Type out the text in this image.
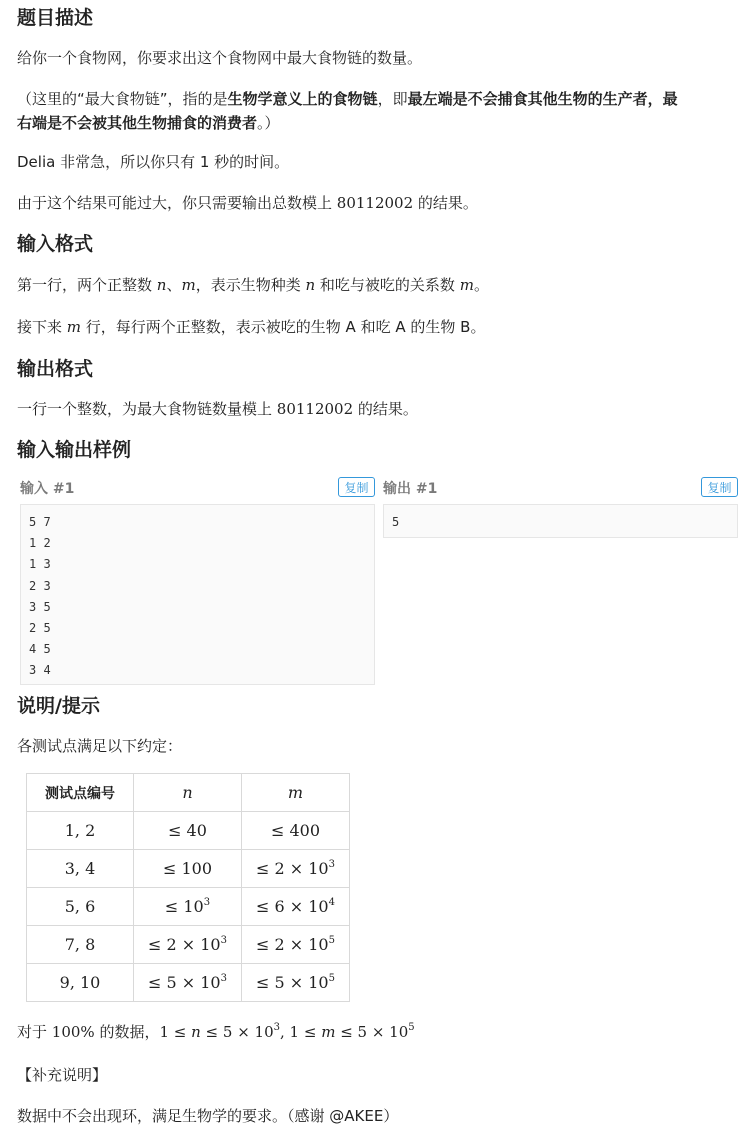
题目描述

给你一个食物网，你要求出这个食物网中最大食物链的数量。

（这里的“最大食物链”，指的是生物学意义上的食物链，即最左端是不会捕食其他生物的生产者，最

右端是不会被其他生物捕食的消费者。）

Delia 非常急，所以你只有 1 秒的时间。

由于这个结果可能过大，你只需要输出总数模上 80112002 的结果。

输入格式

第一行，两个正整数 n、m，表示生物种类 n 和吃与被吃的关系数 m。

接下来 m 行，每行两个正整数，表示被吃的生物 A 和吃 A 的生物 B。

输出格式

一行一个整数，为最大食物链数量模上 80112002 的结果。

输入输出样例
输入 #1	复制	输出 #1	复制
5 7
1 2
1 3
2 3
3 5
2 5
4 5
3 4
5
说明/提示

各测试点满足以下约定：

测试点编号	n	m
1, 2	≤ 40	≤ 400
3, 4	≤ 100	≤ $2 \times 10^3$
5, 6	≤ $10^3$	≤ $6 \times 10^4$
7, 8	≤ $2 \times 10^3$	≤ $2 \times 10^5$
9, 10	≤ $5 \times 10^3$	≤ $5 \times 10^5$

对于 100% 的数据，$1 \le n \le 5 \times 10^3$, $1 \le m \le 5 \times 10^5$

【补充说明】

数据中不会出现环，满足生物学的要求。（感谢 @AKEE）
